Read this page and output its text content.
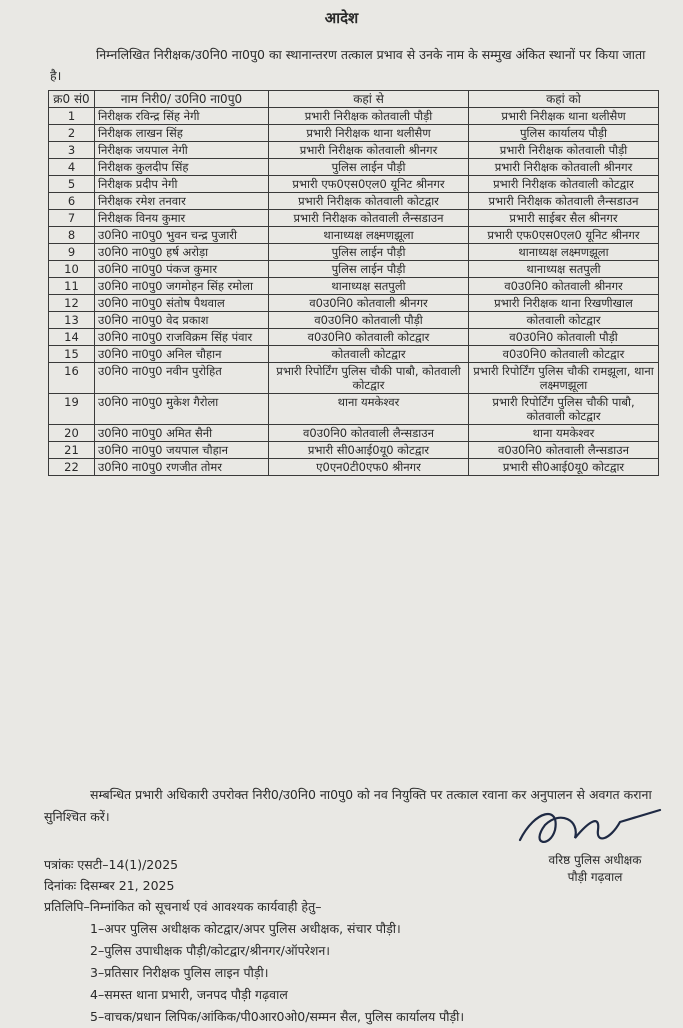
आदेश
निम्नलिखित निरीक्षक/उ0नि0 ना0पु0 का स्थानान्तरण तत्काल प्रभाव से उनके नाम के सम्मुख अंकित स्थानों पर किया जाता है।
क्र0 सं0	नाम निरी0/ उ0नि0 ना0पु0	कहां से	कहां को
1	निरीक्षक रविन्द्र सिंह नेगी	प्रभारी निरीक्षक कोतवाली पौड़ी	प्रभारी निरीक्षक थाना थलीसैण
2	निरीक्षक लाखन सिंह	प्रभारी निरीक्षक थाना थलीसैण	पुलिस कार्यालय पौड़ी
3	निरीक्षक जयपाल नेगी	प्रभारी निरीक्षक कोतवाली श्रीनगर	प्रभारी निरीक्षक कोतवाली पौड़ी
4	निरीक्षक कुलदीप सिंह	पुलिस लाईन पौड़ी	प्रभारी निरीक्षक कोतवाली श्रीनगर
5	निरीक्षक प्रदीप नेगी	प्रभारी एफ0एस0एल0 यूनिट श्रीनगर	प्रभारी निरीक्षक कोतवाली कोटद्वार
6	निरीक्षक रमेश तनवार	प्रभारी निरीक्षक कोतवाली कोटद्वार	प्रभारी निरीक्षक कोतवाली लैन्सडाउन
7	निरीक्षक विनय कुमार	प्रभारी निरीक्षक कोतवाली लैन्सडाउन	प्रभारी साईबर सैल श्रीनगर
8	उ0नि0 ना0पु0 भुवन चन्द्र पुजारी	थानाध्यक्ष लक्ष्मणझूला	प्रभारी एफ0एस0एल0 यूनिट श्रीनगर
9	उ0नि0 ना0पु0 हर्ष अरोड़ा	पुलिस लाईन पौड़ी	थानाध्यक्ष लक्ष्मणझूला
10	उ0नि0 ना0पु0 पंकज कुमार	पुलिस लाईन पौड़ी	थानाध्यक्ष सतपुली
11	उ0नि0 ना0पु0 जगमोहन सिंह रमोला	थानाध्यक्ष सतपुली	व0उ0नि0 कोतवाली श्रीनगर
12	उ0नि0 ना0पु0 संतोष पैथवाल	व0उ0नि0 कोतवाली श्रीनगर	प्रभारी निरीक्षक थाना रिखणीखाल
13	उ0नि0 ना0पु0 वेद प्रकाश	व0उ0नि0 कोतवाली पौड़ी	कोतवाली कोटद्वार
14	उ0नि0 ना0पु0 राजविक्रम सिंह पंवार	व0उ0नि0 कोतवाली कोटद्वार	व0उ0नि0 कोतवाली पौड़ी
15	उ0नि0 ना0पु0 अनिल चौहान	कोतवाली कोटद्वार	व0उ0नि0 कोतवाली कोटद्वार
16	उ0नि0 ना0पु0 नवीन पुरोहित	प्रभारी रिपोर्टिंग पुलिस चौकी पाबौ, कोतवाली कोटद्वार	प्रभारी रिपोर्टिंग पुलिस चौकी रामझूला, थाना लक्ष्मणझूला
19	उ0नि0 ना0पु0 मुकेश गैरोला	थाना यमकेश्वर	प्रभारी रिपोर्टिंग पुलिस चौकी पाबौ, कोतवाली कोटद्वार
20	उ0नि0 ना0पु0 अमित सैनी	व0उ0नि0 कोतवाली लैन्सडाउन	थाना यमकेश्वर
21	उ0नि0 ना0पु0 जयपाल चौहान	प्रभारी सी0आई0यू0 कोटद्वार	व0उ0नि0 कोतवाली लैन्सडाउन
22	उ0नि0 ना0पु0 रणजीत तोमर	ए0एन0टी0एफ0 श्रीनगर	प्रभारी सी0आई0यू0 कोटद्वार
सम्बन्धित प्रभारी अधिकारी उपरोक्त निरी0/उ0नि0 ना0पु0 को नव नियुक्ति पर तत्काल रवाना कर अनुपालन से अवगत कराना सुनिश्चित करें।
वरिष्ठ पुलिस अधीक्षक
पौड़ी गढ़वाल
पत्रांकः एसटी–14(1)/2025
दिनांकः दिसम्बर 21, 2025
प्रतिलिपि–निम्नांकित को सूचनार्थ एवं आवश्यक कार्यवाही हेतु–
1–अपर पुलिस अधीक्षक कोटद्वार/अपर पुलिस अधीक्षक, संचार पौड़ी।
2–पुलिस उपाधीक्षक पौड़ी/कोटद्वार/श्रीनगर/ऑपरेशन।
3–प्रतिसार निरीक्षक पुलिस लाइन पौड़ी।
4–समस्त थाना प्रभारी, जनपद पौड़ी गढ़वाल
5–वाचक/प्रधान लिपिक/आंकिक/पी0आर0ओ0/सम्मन सैल, पुलिस कार्यालय पौड़ी।
